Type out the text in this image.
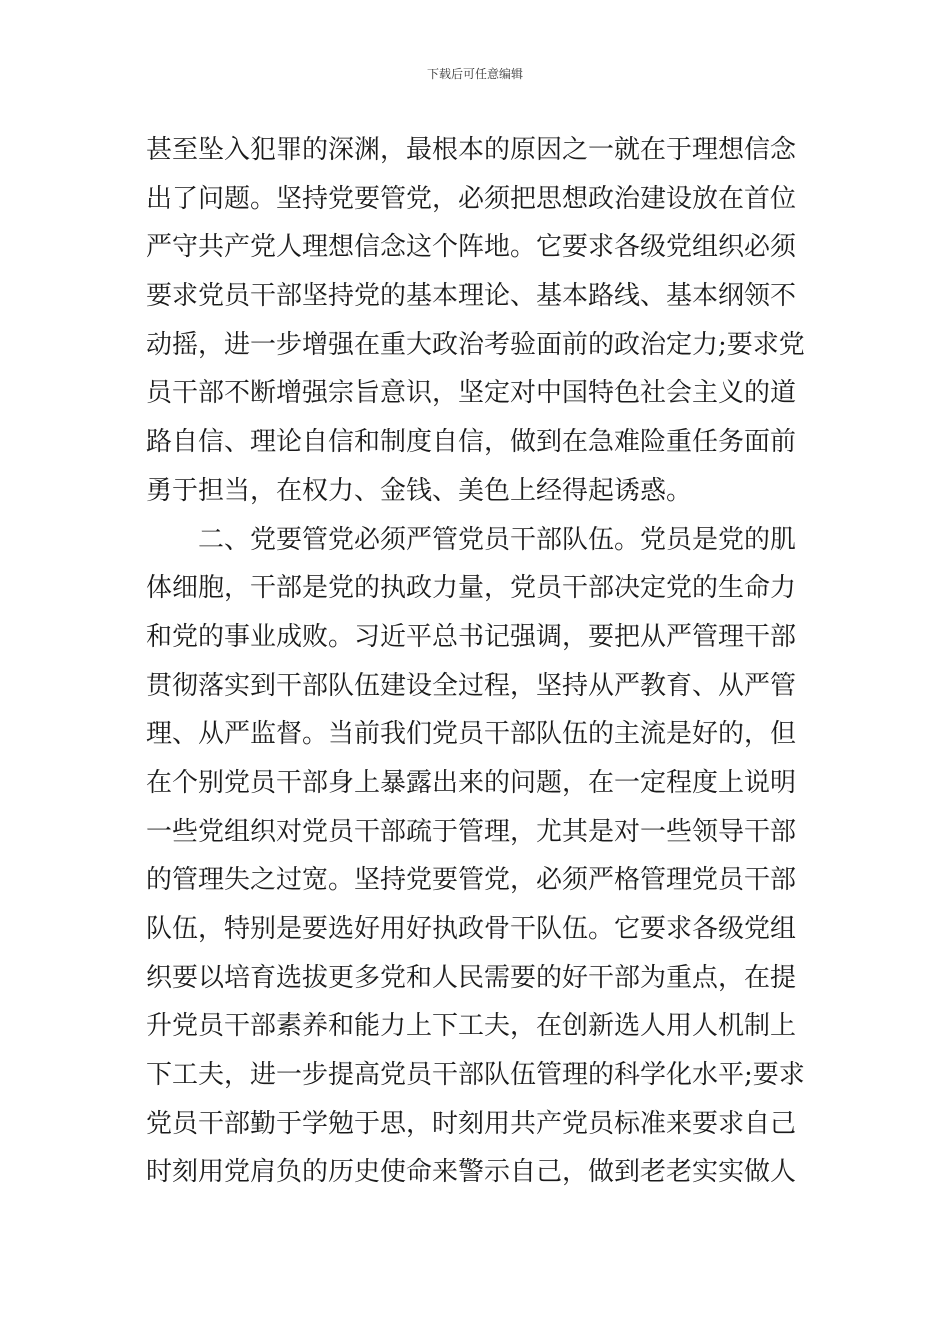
下载后可任意编辑
甚至坠入犯罪的深渊，最根本的原因之一就在于理想信念
出了问题。坚持党要管党，必须把思想政治建设放在首位
严守共产党人理想信念这个阵地。它要求各级党组织必须
要求党员干部坚持党的基本理论、基本路线、基本纲领不
动摇，进一步增强在重大政治考验面前的政治定力;要求党
员干部不断增强宗旨意识，坚定对中国特色社会主义的道
路自信、理论自信和制度自信，做到在急难险重任务面前
勇于担当，在权力、金钱、美色上经得起诱惑。
二、党要管党必须严管党员干部队伍。党员是党的肌
体细胞，干部是党的执政力量，党员干部决定党的生命力
和党的事业成败。习近平总书记强调，要把从严管理干部
贯彻落实到干部队伍建设全过程，坚持从严教育、从严管
理、从严监督。当前我们党员干部队伍的主流是好的，但
在个别党员干部身上暴露出来的问题，在一定程度上说明
一些党组织对党员干部疏于管理，尤其是对一些领导干部
的管理失之过宽。坚持党要管党，必须严格管理党员干部
队伍，特别是要选好用好执政骨干队伍。它要求各级党组
织要以培育选拔更多党和人民需要的好干部为重点，在提
升党员干部素养和能力上下工夫，在创新选人用人机制上
下工夫，进一步提高党员干部队伍管理的科学化水平;要求
党员干部勤于学勉于思，时刻用共产党员标准来要求自己
时刻用党肩负的历史使命来警示自己，做到老老实实做人
